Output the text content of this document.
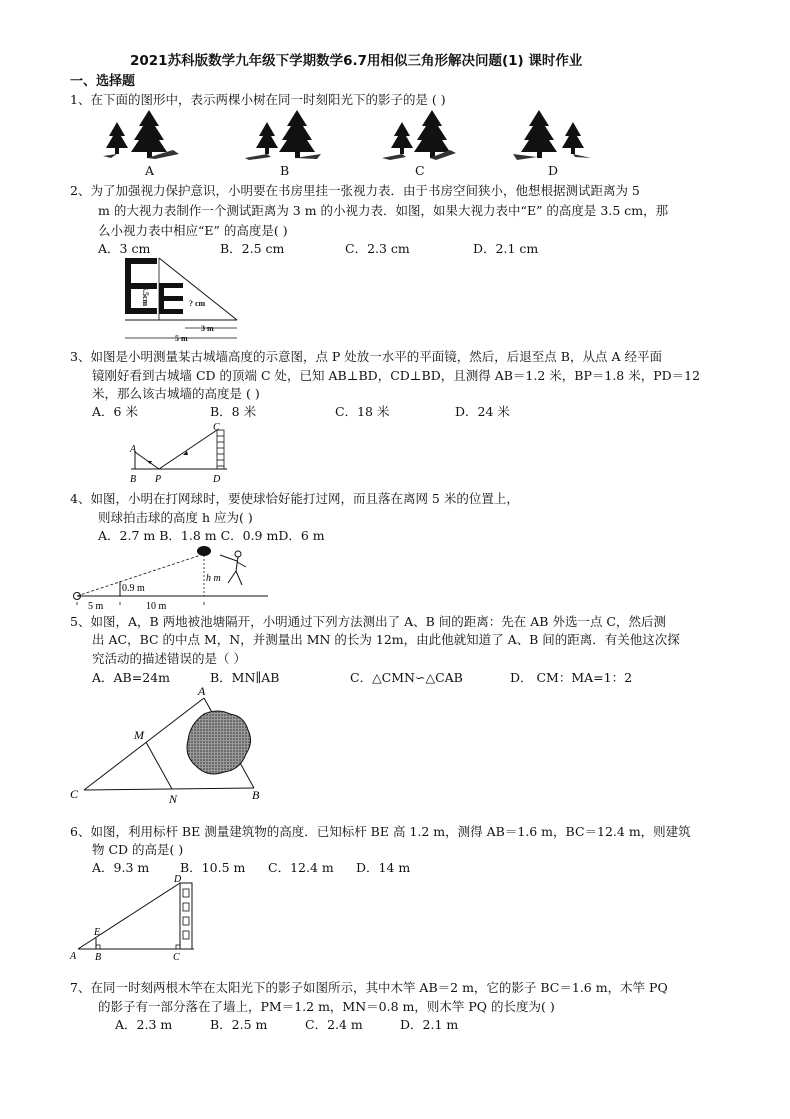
2021苏科版数学九年级下学期数学6.7用相似三角形解决问题(1) 课时作业
一、选择题
1、在下面的图形中，表示两棵小树在同一时刻阳光下的影子的是 ( )
A	B	C	D
2、为了加强视力保护意识，小明要在书房里挂一张视力表．由于书房空间狭小，他想根据测试距离为 5
m 的大视力表制作一个测试距离为 3 m 的小视力表．如图，如果大视力表中“E” 的高度是 3.5 cm，那
么小视力表中相应“E” 的高度是( )
A．3 cm	B．2.5 cm	C．2.3 cm	D．2.1 cm
3.5cm	? cm
3 m
5 m
3、如图是小明测量某古城墙高度的示意图，点 P 处放一水平的平面镜，然后，后退至点 B，从点 A 经平面
镜刚好看到古城墙 CD 的顶端 C 处，已知 AB⊥BD，CD⊥BD，且测得 AB＝1.2 米，BP＝1.8 米，PD＝12
米，那么该古城墙的高度是 ( )
A．6 米	B．8 米	C．18 米	D．24 米
A
B P
C
D
4、如图，小明在打网球时，要使球恰好能打过网，而且落在离网 5 米的位置上，
则球拍击球的高度 h 应为( )
A．2.7 m B．1.8 m C．0.9 mD．6 m
0.9 m
h m
5 m	10 m
5、如图，A，B 两地被池塘隔开，小明通过下列方法测出了 A、B 间的距离：先在 AB 外选一点 C，然后测
出 AC，BC 的中点 M，N，并测量出 MN 的长为 12m，由此他就知道了 A、B 间的距离．有关他这次探
究活动的描述错误的是（ ）
A．AB=24m	B．MN∥AB	C．△CMN∽△CAB	D． CM：MA=1：2
A
M
C	N	B
6、如图，利用标杆 BE 测量建筑物的高度．已知标杆 BE 高 1.2 m，测得 AB＝1.6 m，BC＝12.4 m，则建筑
物 CD 的高是( )
A．9.3 m B．10.5 m C．12.4 m D．14 m
D
E
A B	C
7、在同一时刻两根木竿在太阳光下的影子如图所示，其中木竿 AB＝2 m，它的影子 BC＝1.6 m，木竿 PQ
的影子有一部分落在了墙上，PM＝1.2 m，MN＝0.8 m，则木竿 PQ 的长度为( )
A．2.3 m	B．2.5 m	C．2.4 m	D．2.1 m
